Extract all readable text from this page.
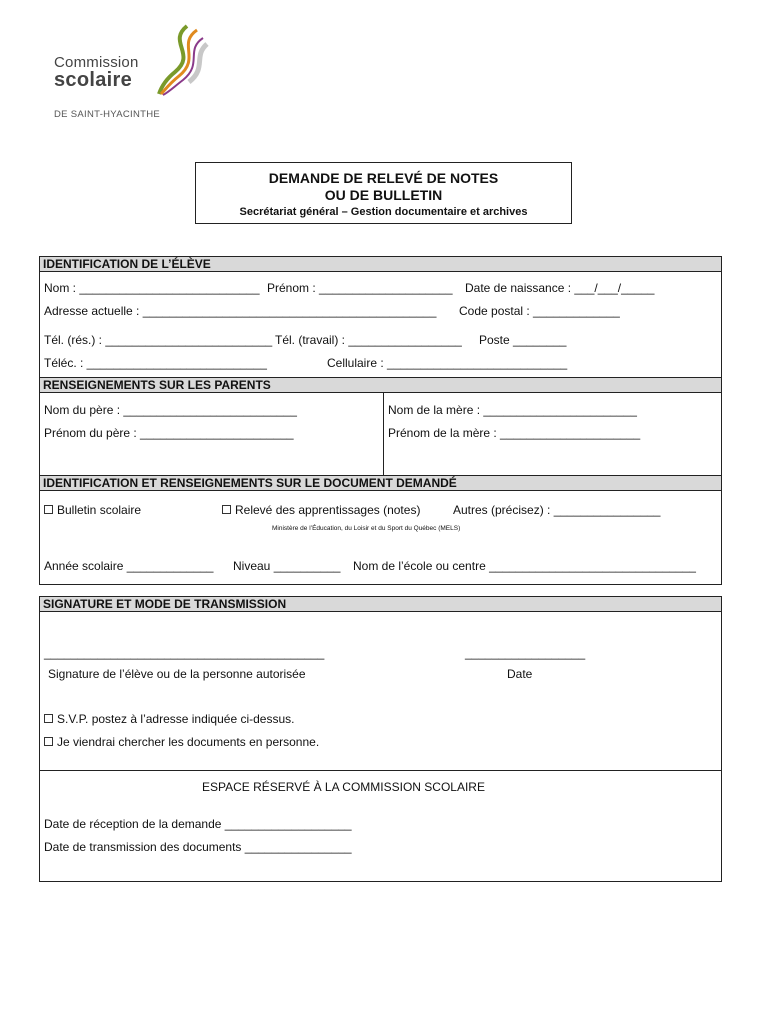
Commission
scolaire
DE SAINT-HYACINTHE
DEMANDE DE RELEVÉ DE NOTES
OU DE BULLETIN
Secrétariat général – Gestion documentaire et archives
IDENTIFICATION DE L’ÉLÈVE
Nom : ___________________________ Prénom : ____________________ Date de naissance : ___/___/_____
Adresse actuelle : ____________________________________________ Code postal : _____________
Tél. (rés.) : _________________________ Tél. (travail) : _________________ Poste ________
Téléc. : ___________________________	Cellulaire : ___________________________
RENSEIGNEMENTS SUR LES PARENTS
Nom du père : __________________________
Prénom du père : _______________________
Nom de la mère : _______________________
Prénom de la mère : _____________________
IDENTIFICATION ET RENSEIGNEMENTS SUR LE DOCUMENT DEMANDÉ
Bulletin scolaire	Relevé des apprentissages (notes)	Autres (précisez) : ________________
Ministère de l’Éducation, du Loisir et du Sport du Québec (MELS)
Année scolaire _____________ Niveau __________ Nom de l’école ou centre _______________________________
SIGNATURE ET MODE DE TRANSMISSION
__________________________________________	__________________
Signature de l’élève ou de la personne autorisée	Date
S.V.P. postez à l’adresse indiquée ci-dessus.
Je viendrai chercher les documents en personne.
ESPACE RÉSERVÉ À LA COMMISSION SCOLAIRE
Date de réception de la demande ___________________
Date de transmission des documents ________________
